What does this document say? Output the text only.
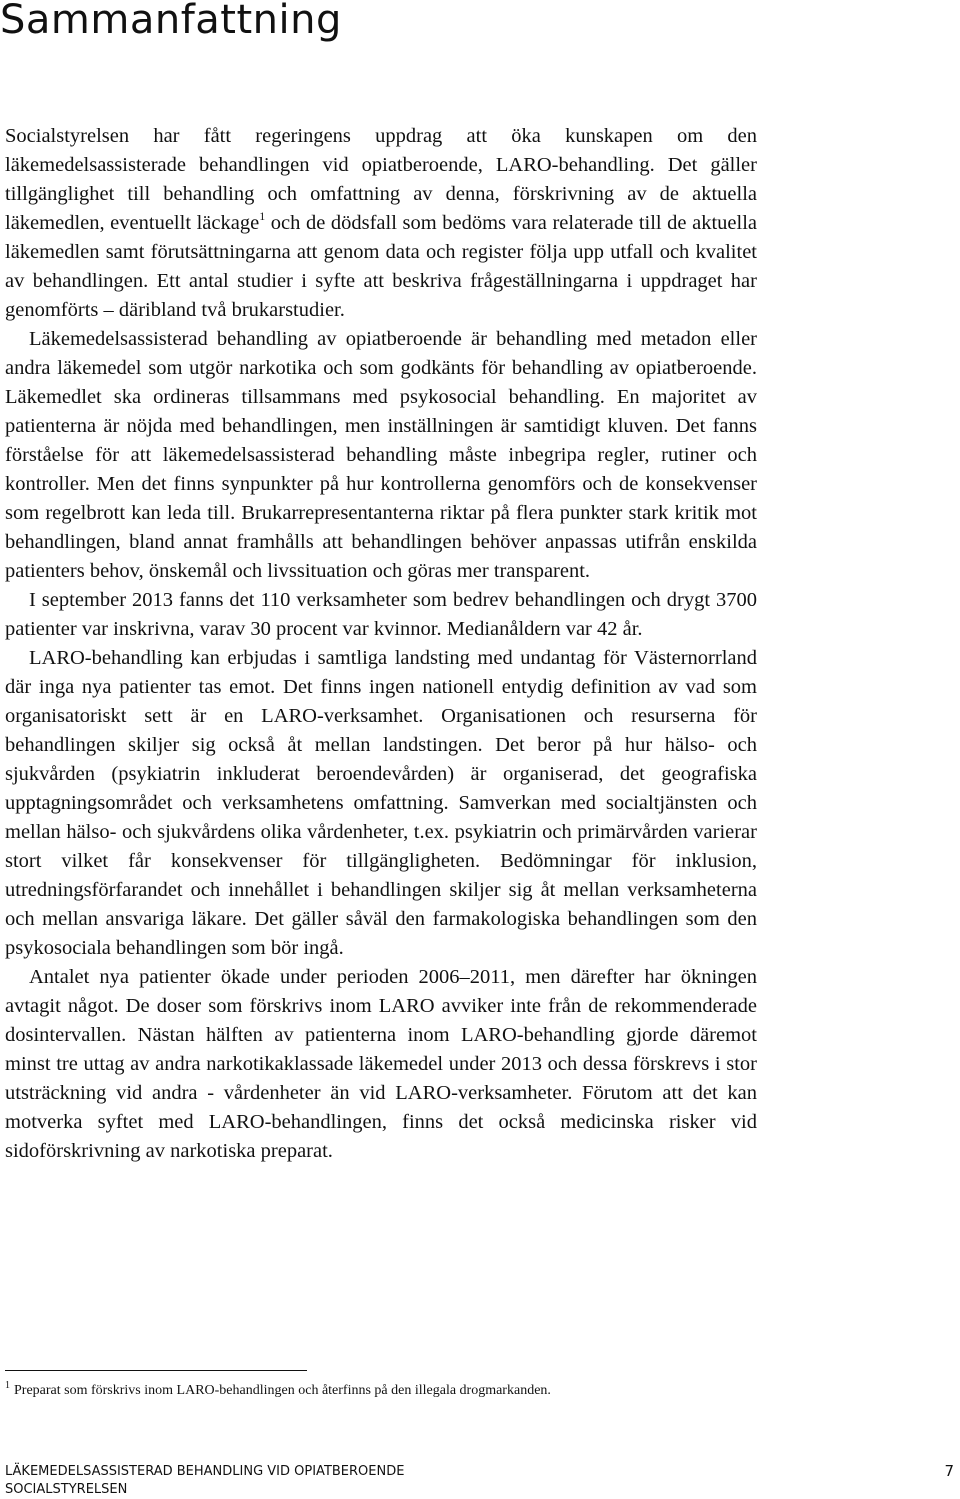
Sammanfattning

Socialstyrelsen har fått regeringens uppdrag att öka kunskapen om den läkemedelsassisterade behandlingen vid opiatberoende, LARO-behandling. Det gäller tillgänglighet till behandling och omfattning av denna, förskrivning av de aktuella läkemedlen, eventuellt läckage$^1$ och de dödsfall som bedöms vara relaterade till de aktuella läkemedlen samt förutsättningarna att genom data och register följa upp utfall och kvalitet av behandlingen. Ett antal studier i syfte att beskriva frågeställningarna i uppdraget har genomförts – däribland två brukarstudier.

Läkemedelsassisterad behandling av opiatberoende är behandling med metadon eller andra läkemedel som utgör narkotika och som godkänts för behandling av opiatberoende. Läkemedlet ska ordineras tillsammans med psykosocial behandling. En majoritet av patienterna är nöjda med behandlingen, men inställningen är samtidigt kluven. Det fanns förståelse för att läkemedelsassisterad behandling måste inbegripa regler, rutiner och kontroller. Men det finns synpunkter på hur kontrollerna genomförs och de konsekvenser som regelbrott kan leda till. Brukarrepresentanterna riktar på flera punkter stark kritik mot behandlingen, bland annat framhålls att behandlingen behöver anpassas utifrån enskilda patienters behov, önskemål och livssituation och göras mer transparent.

I september 2013 fanns det 110 verksamheter som bedrev behandlingen och drygt 3700 patienter var inskrivna, varav 30 procent var kvinnor. Medianåldern var 42 år.

LARO-behandling kan erbjudas i samtliga landsting med undantag för Västernorrland där inga nya patienter tas emot. Det finns ingen nationell entydig definition av vad som organisatoriskt sett är en LARO-verksamhet. Organisationen och resurserna för behandlingen skiljer sig också åt mellan landstingen. Det beror på hur hälso- och sjukvården (psykiatrin inkluderat beroendevården) är organiserad, det geografiska upptagningsområdet och verksamhetens omfattning. Samverkan med socialtjänsten och mellan hälso- och sjukvårdens olika vårdenheter, t.ex. psykiatrin och primärvården varierar stort vilket får konsekvenser för tillgängligheten. Bedömningar för inklusion, utredningsförfarandet och innehållet i behandlingen skiljer sig åt mellan verksamheterna och mellan ansvariga läkare. Det gäller såväl den farmakologiska behandlingen som den psykosociala behandlingen som bör ingå.

Antalet nya patienter ökade under perioden 2006–2011, men därefter har ökningen avtagit något. De doser som förskrivs inom LARO avviker inte från de rekommenderade dosintervallen. Nästan hälften av patienterna inom LARO-behandling gjorde däremot minst tre uttag av andra narkotikaklassade läkemedel under 2013 och dessa förskrevs i stor utsträckning vid andra - vårdenheter än vid LARO-verksamheter. Förutom att det kan motverka syftet med LARO-behandlingen, finns det också medicinska risker vid sidoförskrivning av narkotiska preparat.

$^1$ Preparat som förskrivs inom LARO-behandlingen och återfinns på den illegala drogmarkanden.
LÄKEMEDELSASSISTERAD BEHANDLING VID OPIATBEROENDE
SOCIALSTYRELSEN
7
